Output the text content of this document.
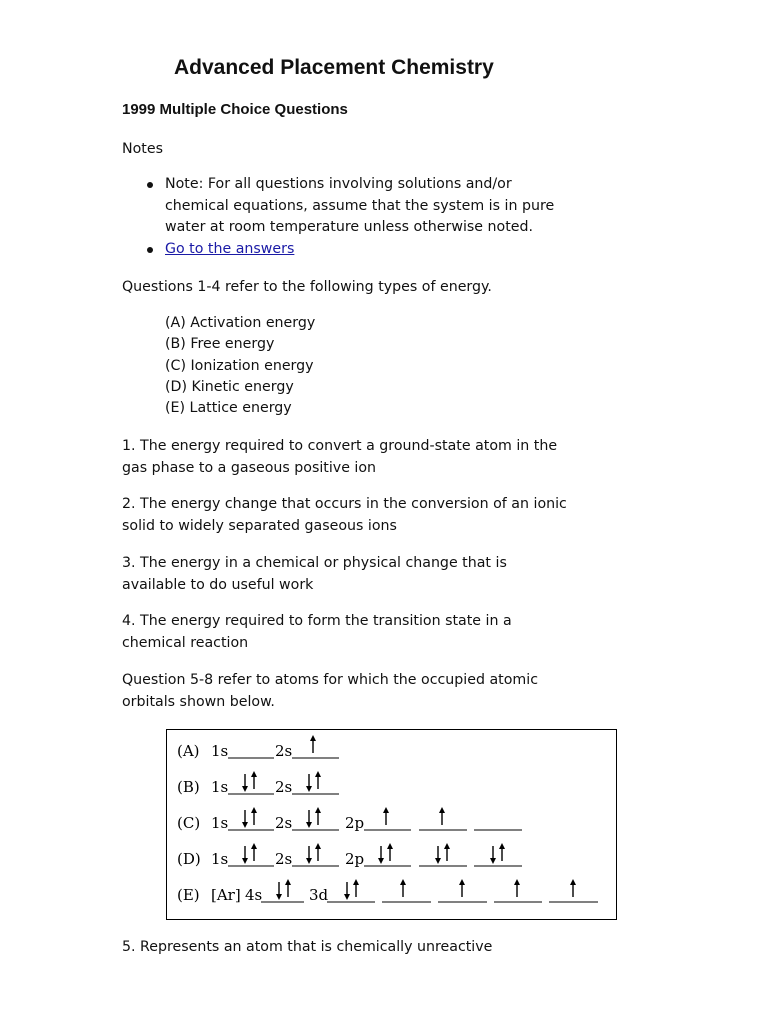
Advanced Placement Chemistry
1999 Multiple Choice Questions

Notes

Note: For all questions involving solutions and/or chemical equations, assume that the system is in pure water at room temperature unless otherwise noted.
Go to the answers

Questions 1-4 refer to the following types of energy.

(A) Activation energy
(B) Free energy
(C) Ionization energy
(D) Kinetic energy
(E) Lattice energy

1. The energy required to convert a ground-state atom in the gas phase to a gaseous positive ion

2. The energy change that occurs in the conversion of an ionic solid to widely separated gaseous ions

3. The energy in a chemical or physical change that is available to do useful work

4. The energy required to form the transition state in a chemical reaction

Question 5-8 refer to atoms for which the occupied atomic orbitals shown below.

5. Represents an atom that is chemically unreactive

(A) 1s	2s
(B) 1s	2s
(C) 1s	2s	2p
(D) 1s	2s	2p
(E) [Ar] 4s	3d
